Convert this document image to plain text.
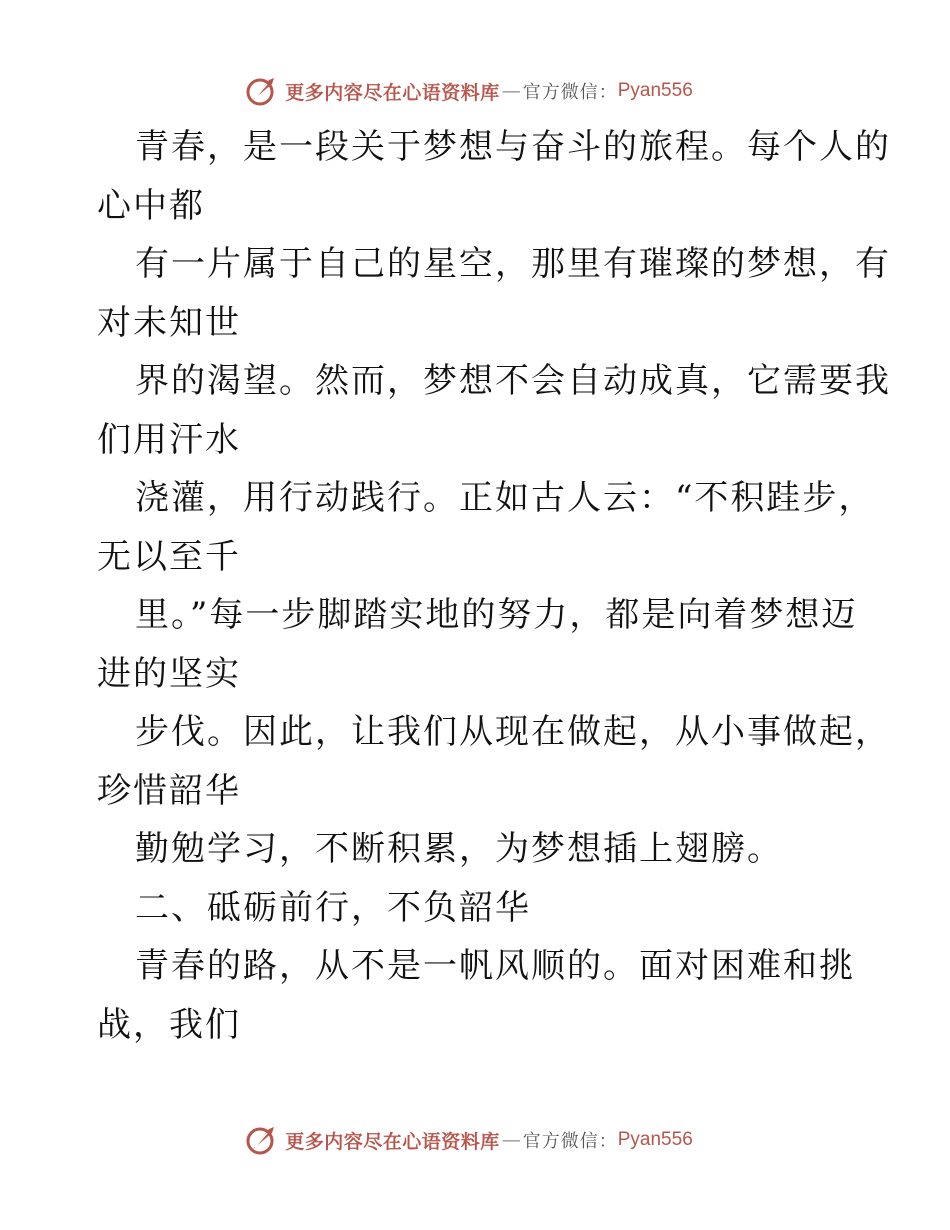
更多内容尽在心语资料库 — 官方微信： Pyan556
青春，是一段关于梦想与奋斗的旅程。每个人的
心中都
有一片属于自己的星空，那里有璀璨的梦想，有
对未知世
界的渴望。然而，梦想不会自动成真，它需要我
们用汗水
浇灌，用行动践行。正如古人云：“不积跬步，
无以至千
里。”每一步脚踏实地的努力，都是向着梦想迈
进的坚实
步伐。因此，让我们从现在做起，从小事做起，
珍惜韶华
勤勉学习，不断积累，为梦想插上翅膀。
二、砥砺前行，不负韶华
青春的路，从不是一帆风顺的。面对困难和挑
战，我们
更多内容尽在心语资料库 — 官方微信： Pyan556
